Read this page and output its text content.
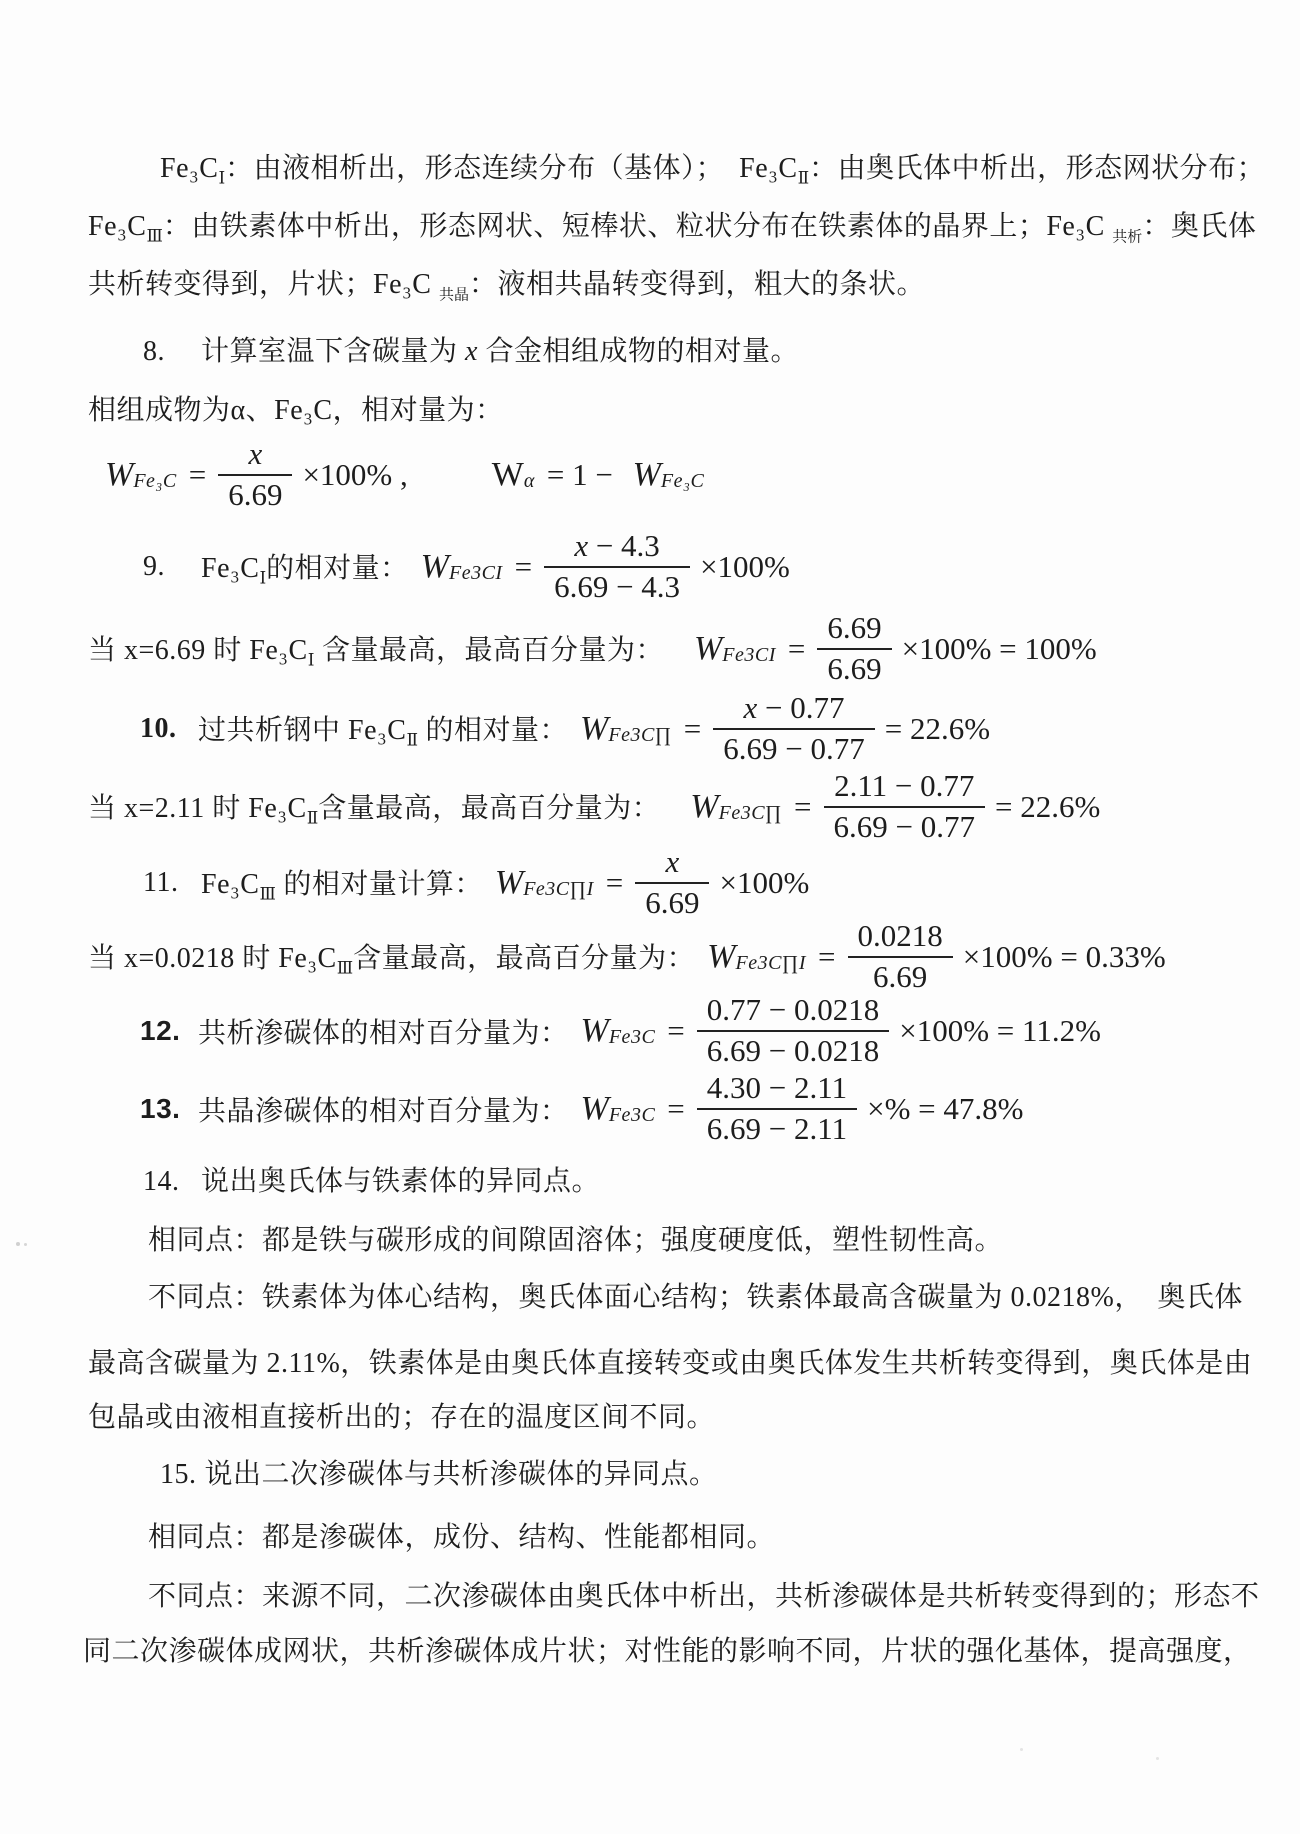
$Fe_3C_Ⅰ$：由液相析出，形态连续分布（基体）；  $Fe_3C_Ⅱ$：由奥氏体中析出，形态网状分布；
$Fe_3C_Ⅲ$：由铁素体中析出，形态网状、短棒状、粒状分布在铁素体的晶界上；Fe₃C $_{共析}$：奥氏体
共析转变得到，片状；Fe₃C $_{共晶}$：液相共晶转变得到，粗大的条状。
8. 计算室温下含碳量为 x 合金相组成物的相对量。
相组成物为α、Fe₃C，相对量为：
$W_{Fe_3C} = \frac{x}{6.69} \times 100\%$ , $W_\alpha = 1 - W_{Fe_3C}$
9.	$Fe_3C_Ⅰ$的相对量： $W_{Fe3CI} = \frac{x - 4.3}{6.69 - 4.3} \times 100\%$
当 x=6.69 时 $Fe_3C_Ⅰ$ 含量最高，最高百分量为： $W_{Fe3CI} = \frac{6.69}{6.69} \times 100\% = 100\%$
10. 过共析钢中 $Fe_3C_Ⅱ$ 的相对量： $W_{Fe3C\prod} = \frac{x - 0.77}{6.69 - 0.77} = 22.6\%$
当 x=2.11 时 $Fe_3C_Ⅱ$含量最高，最高百分量为： $W_{Fe3C\prod} = \frac{2.11 - 0.77}{6.69 - 0.77} = 22.6\%$
11. $Fe_3C_Ⅲ$ 的相对量计算： $W_{Fe3C\prod I} = \frac{x}{6.69} \times 100\%$
当 x=0.0218 时 $Fe_3C_Ⅲ$含量最高，最高百分量为： $W_{Fe3C\prod I} = \frac{0.0218}{6.69} \times 100\% = 0.33\%$
12. 共析渗碳体的相对百分量为： $W_{Fe3C} = \frac{0.77 - 0.0218}{6.69 - 0.0218} \times 100\% = 11.2\%$
13. 共晶渗碳体的相对百分量为： $W_{Fe3C} = \frac{4.30 - 2.11}{6.69 - 2.11}$ ×% = 47.8%
14. 说出奥氏体与铁素体的异同点。
相同点：都是铁与碳形成的间隙固溶体；强度硬度低，塑性韧性高。
不同点：铁素体为体心结构，奥氏体面心结构；铁素体最高含碳量为 0.0218%，　奥氏体
最高含碳量为 2.11%，铁素体是由奥氏体直接转变或由奥氏体发生共析转变得到，奥氏体是由
包晶或由液相直接析出的；存在的温度区间不同。
15. 说出二次渗碳体与共析渗碳体的异同点。
相同点：都是渗碳体，成份、结构、性能都相同。
不同点：来源不同，二次渗碳体由奥氏体中析出，共析渗碳体是共析转变得到的；形态不
同二次渗碳体成网状，共析渗碳体成片状；对性能的影响不同，片状的强化基体，提高强度，
